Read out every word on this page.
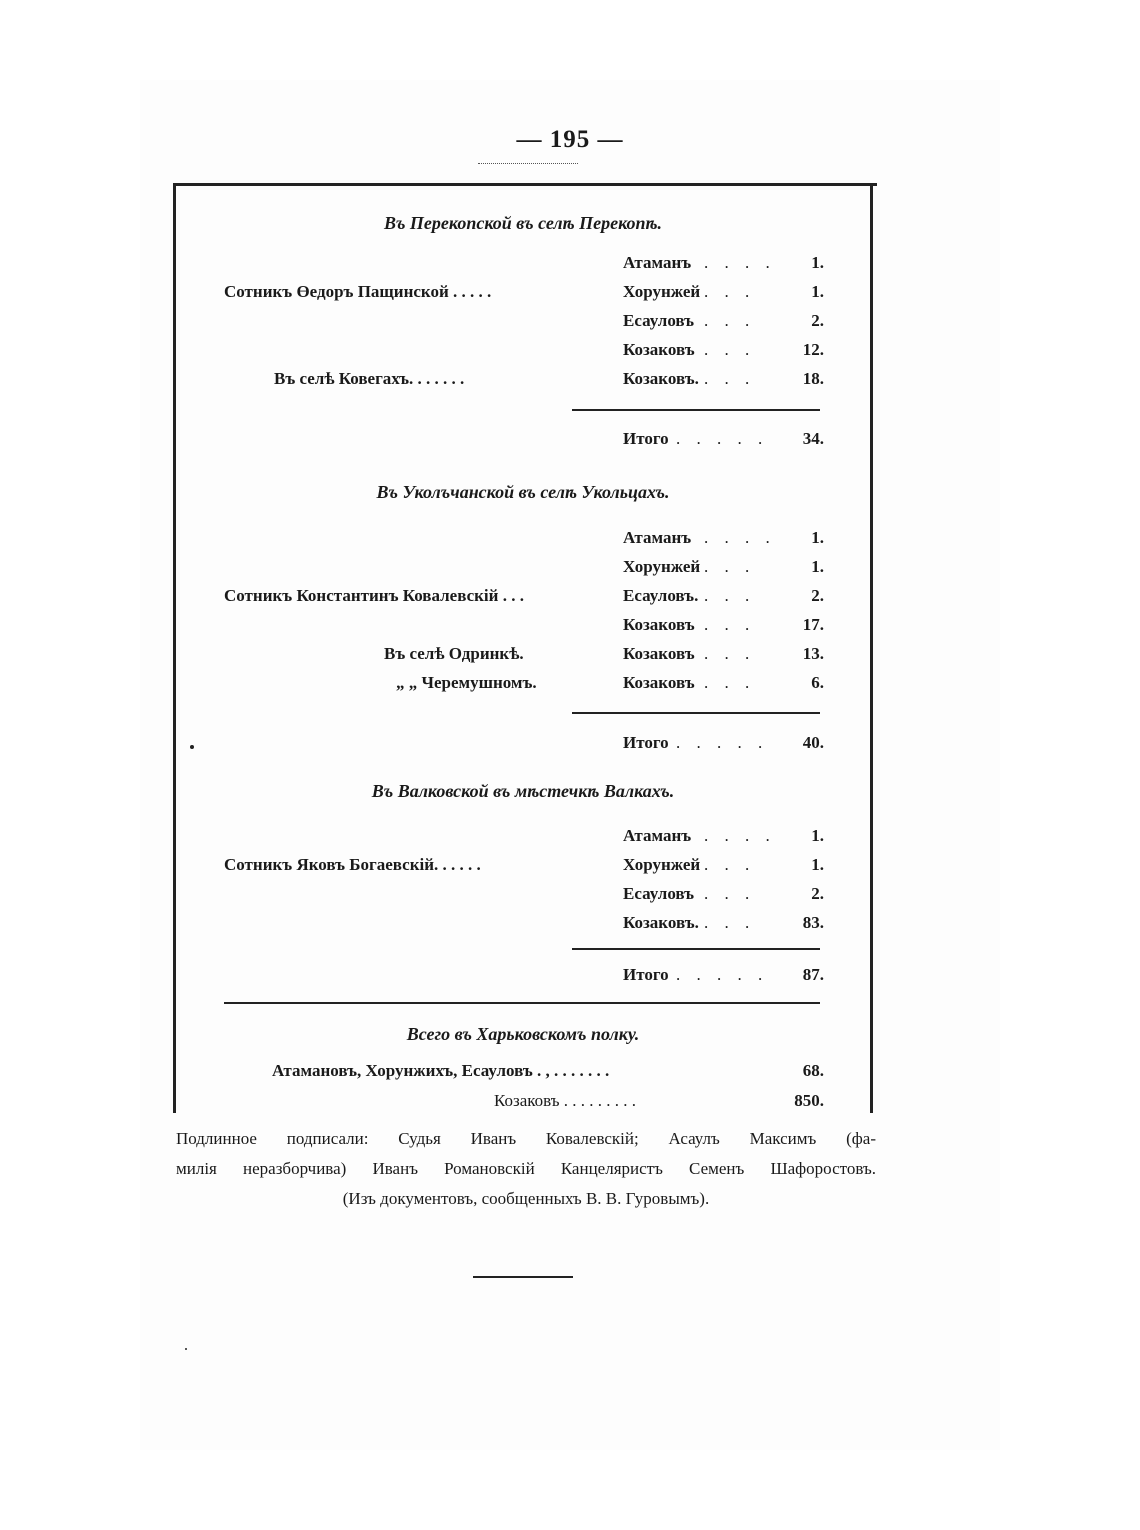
— 195 —
Въ Перекопской въ селѣ Перекопѣ.
Атаманъ . . . .	1.
Сотникъ Өедоръ Пащинской . . . . .	Хорунжей . . .	1.
Есауловъ . . .	2.
Козаковъ . . .	12.
Въ селѣ Ковегахъ. . . . . . .	Козаковъ. . . .	18.
Итого . . . . .	34.
Въ Уколъчанской въ селѣ Укольцахъ.
Атаманъ . . . .	1.
Хорунжей . . .	1.
Сотникъ Константинъ Ковалевскій . . .	Есауловъ. . . .	2.
Козаковъ . . .	17.
Въ селѣ Одринкѣ.	Козаковъ . . .	13.
„ „ Черемушномъ.	Козаковъ . . .	6.
Итого . . . . .	40.
Въ Валковской въ мѣстечкѣ Валкахъ.
Атаманъ . . . .	1.
Сотникъ Яковъ Богаевскій. . . . . .	Хорунжей . . .	1.
Есауловъ . . .	2.
Козаковъ. . . .	83.
Итого . . . . .	87.
Всего въ Харьковскомъ полку.
Атамановъ, Хорунжихъ, Есауловъ . , . . . . . . .	68.
Козаковъ . . . . . . . . .	850.
Подлинное подписали: Судья Иванъ Ковалевскій; Асаулъ Максимъ (фа-
милія неразборчива) Иванъ Романовскій Канцеляристъ Семенъ Шафоростовъ.
(Изъ документовъ, сообщенныхъ В. В. Гуровымъ).
